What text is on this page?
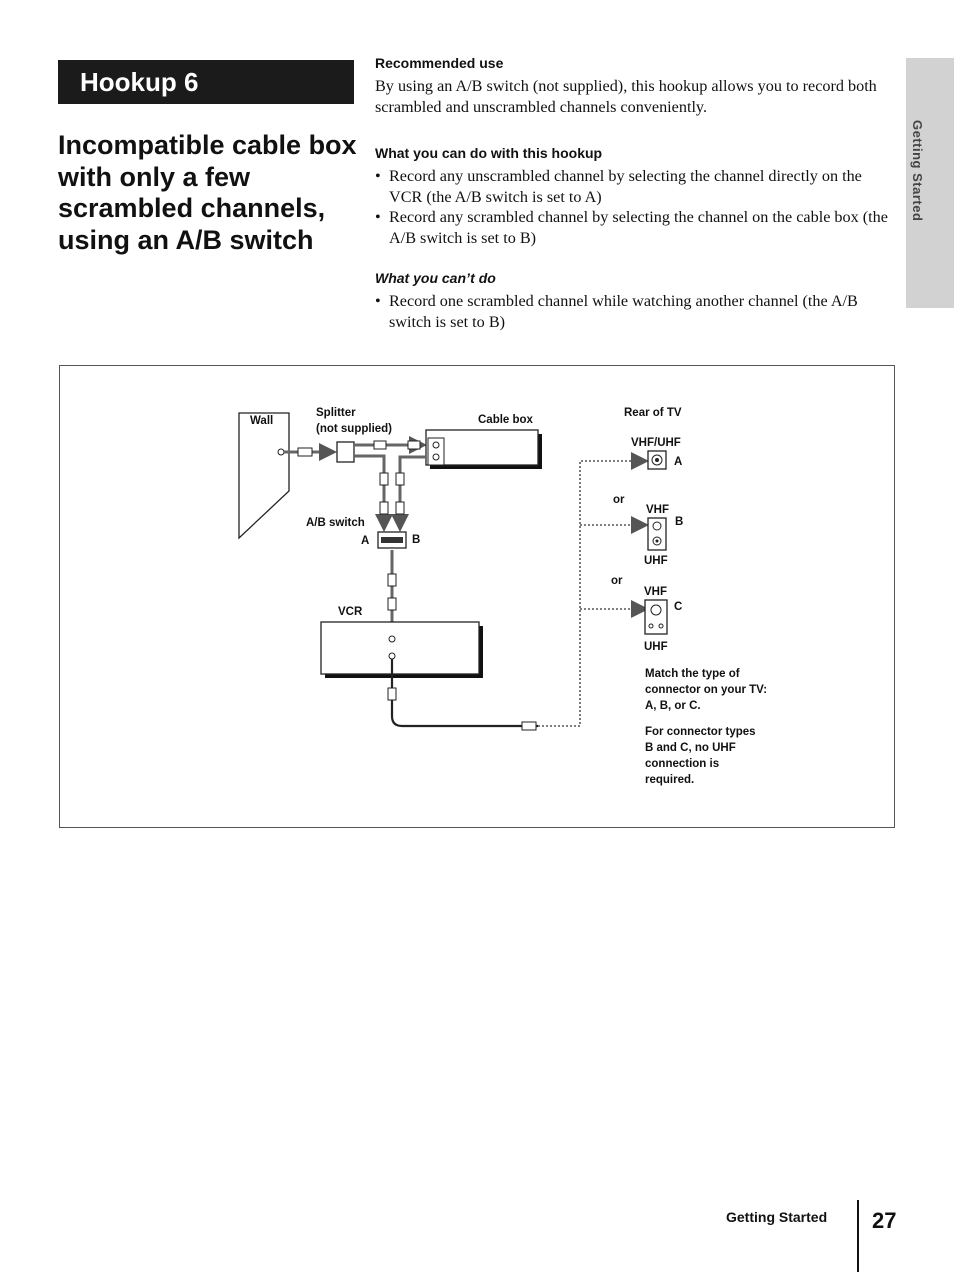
Hookup 6
Incompatible cable box with only a few scrambled channels, using an A/B switch
Recommended use

By using an A/B switch (not supplied), this hookup allows you to record both scrambled and unscrambled channels conveniently.

What you can do with this hookup
• Record any unscrambled channel by selecting the channel directly on the VCR (the A/B switch is set to A)
• Record any scrambled channel by selecting the channel on the cable box (the A/B switch is set to B)
What you can’t do
• Record one scrambled channel while watching another channel (the A/B switch is set to B)
Getting Started
Wall
Splitter
(not supplied)
Cable box
A/B switch
A	B
VCR
Rear of TV
VHF/UHF
A
or
VHF
B
UHF
or
VHF
C
UHF
Match the type of connector on your TV: A, B, or C.
For connector types B and C, no UHF connection is required.
Getting Started 27
